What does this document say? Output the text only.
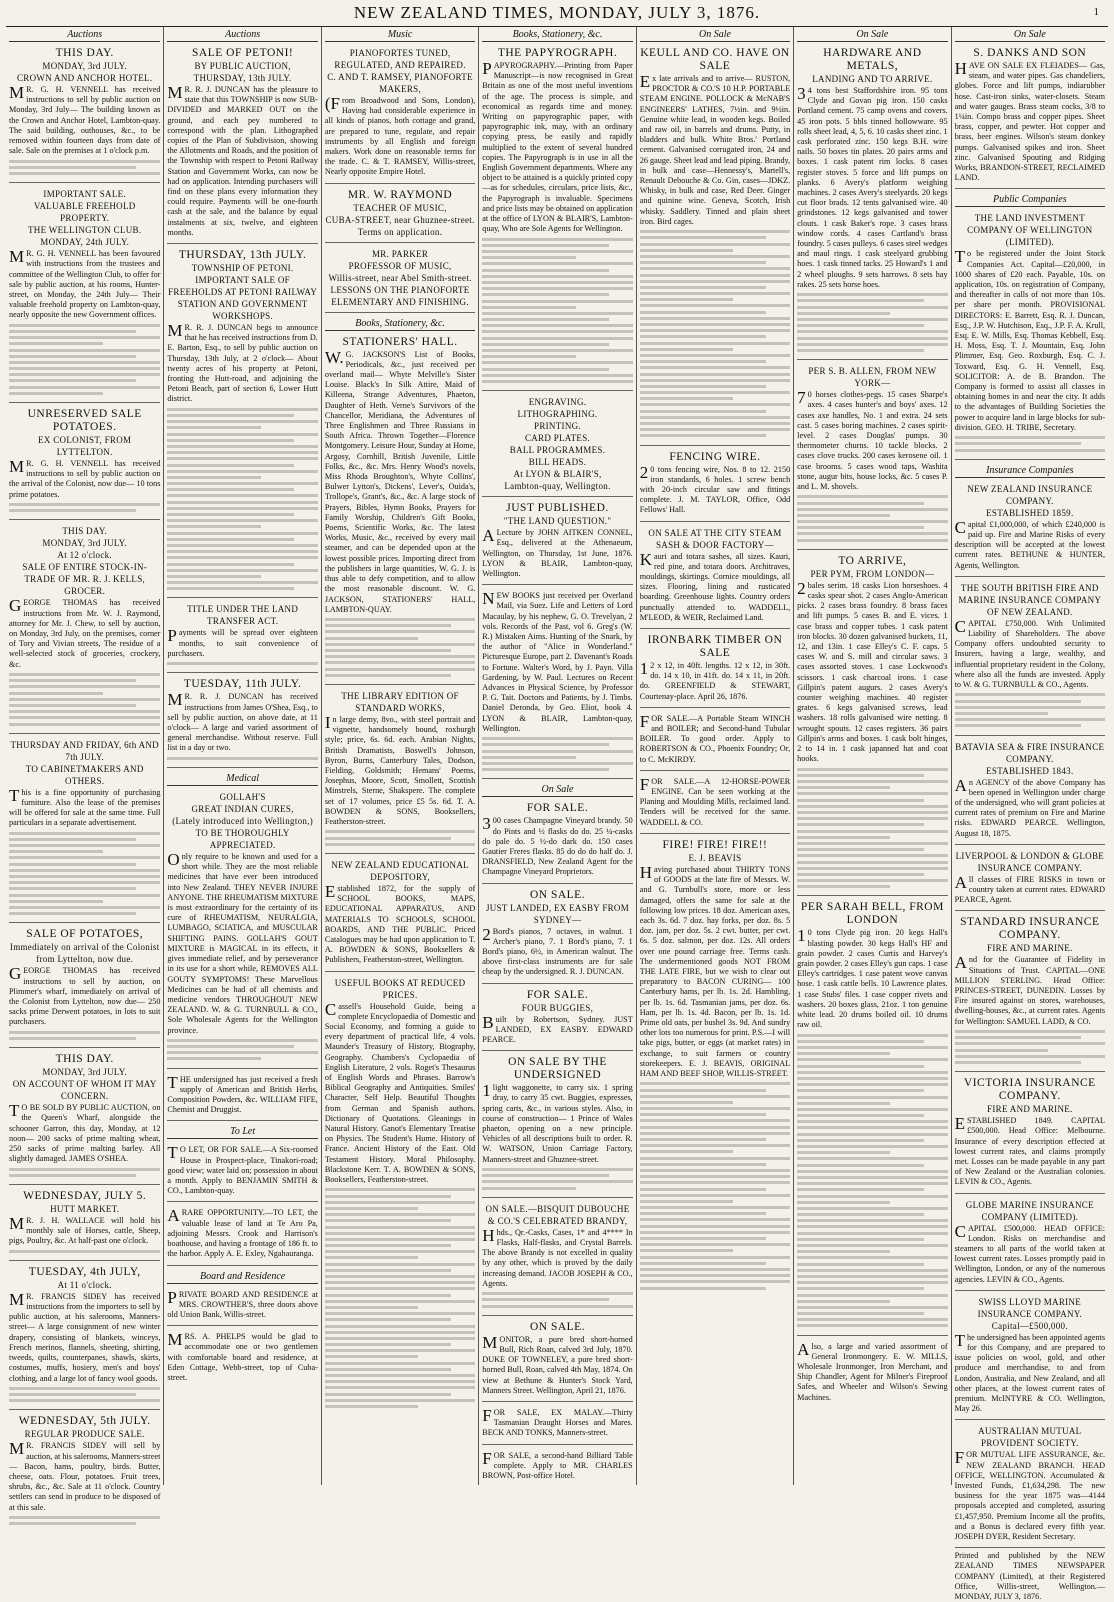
NEW ZEALAND TIMES, MONDAY, JULY 3, 1876.	1
Auctions
THIS DAY.
MONDAY, 3rd JULY.
CROWN AND ANCHOR HOTEL.

MR. G. H. VENNELL has received instructions to sell by public auction on Monday, 3rd July— The building known as the Crown and Anchor Hotel, Lambton-quay. The said building, outhouses, &c., to be removed within fourteen days from date of sale. Sale on the premises at 1 o'clock p.m.

IMPORTANT SALE.
VALUABLE FREEHOLD PROPERTY.
THE WELLINGTON CLUB.
MONDAY, 24th JULY.

MR. G. H. VENNELL has been favoured with instructions from the trustees and committee of the Wellington Club, to offer for sale by public auction, at his rooms, Hunter-street, on Monday, the 24th July— Their valuable freehold property on Lambton-quay, nearly opposite the new Government offices.

UNRESERVED SALE POTATOES.
EX COLONIST, FROM LYTTELTON.

MR. G. H. VENNELL has received instructions to sell by public auction on the arrival of the Colonist, now due— 10 tons prime potatoes.

THIS DAY.
MONDAY, 3rd JULY.
At 12 o'clock.
SALE OF ENTIRE STOCK-IN-TRADE OF MR. R. J. KELLS, GROCER.

GEORGE THOMAS has received instructions from Mr. W. J. Raymond, attorney for Mr. J. Chew, to sell by auction, on Monday, 3rd July, on the premises, corner of Tory and Vivian streets, The residue of a well-selected stock of groceries, crockery, &c.

THURSDAY AND FRIDAY, 6th AND 7th JULY.
TO CABINETMAKERS AND OTHERS.

This is a fine opportunity of purchasing furniture. Also the lease of the premises will be offered for sale at the same time. Full particulars in a separate advertisement.

SALE OF POTATOES,
Immediately on arrival of the Colonist from Lyttelton, now due.

GEORGE THOMAS has received instructions to sell by auction, on Plimmer's wharf, immediately on arrival of the Colonist from Lyttelton, now due— 250 sacks prime Derwent potatoes, in lots to suit purchasers.

THIS DAY.
MONDAY, 3rd JULY.
ON ACCOUNT OF WHOM IT MAY CONCERN.

TO BE SOLD BY PUBLIC AUCTION, on the Queen's Wharf, alongside the schooner Garron, this day, Monday, at 12 noon— 200 sacks of prime malting wheat, 250 sacks of prime malting barley. All slightly damaged. JAMES O'SHEA.

WEDNESDAY, JULY 5.
HUTT MARKET.

MR. J. H. WALLACE will hold his monthly sale of Horses, cattle, Sheep, pigs, Poultry, &c. At half-past one o'clock.

TUESDAY, 4th JULY,
At 11 o'clock.

MR. FRANCIS SIDEY has received instructions from the importers to sell by public auction, at his salerooms, Manners-street— A large consignment of new winter drapery, consisting of blankets, winceys, French merinos, flannels, sheeting, shirting, tweeds, quilts, counterpanes, shawls, skirts, costumes, muffs, hosiery, men's and boys' clothing, and a large lot of fancy wool goods.

WEDNESDAY, 5th JULY.
REGULAR PRODUCE SALE.

MR. FRANCIS SIDEY will sell by auction, at his salerooms, Manners-street— Bacon, hams, poultry, birds. Butter, cheese, oats. Flour, potatoes. Fruit trees, shrubs, &c., &c. Sale at 11 o'clock. Country settlers can send in produce to be disposed of at this sale.

Auctions
SALE OF PETONI!
BY PUBLIC AUCTION,
THURSDAY, 13th JULY.

MR. R. J. DUNCAN has the pleasure to state that this TOWNSHIP is now SUB-DIVIDED and MARKED OUT on the ground, and each pey numbered to correspond with the plan. Lithographed copies of the Plan of Subdivision, showing the Allotments and Roads, and the position of the Township with respect to Petoni Railway Station and Government Works, can now be had on application. Intending purchasers will find on these plans every information they could require. Payments will be one-fourth cash at the sale, and the balance by equal instalments at six, twelve, and eighteen months.

THURSDAY, 13th JULY.
TOWNSHIP OF PETONI.
IMPORTANT SALE OF FREEHOLDS AT PETONI RAILWAY STATION AND GOVERNMENT WORKSHOPS.

MR. R. J. DUNCAN begs to announce that he has received instructions from D. E. Barton, Esq., to sell by public auction on Thursday, 13th July, at 2 o'clock— About twenty acres of his property at Petoni, fronting the Hutt-road, and adjoining the Petoni Beach, part of section 6, Lower Hutt district.

TITLE UNDER THE LAND TRANSFER ACT.

Payments will be spread over eighteen months, to suit convenience of purchasers.

TUESDAY, 11th JULY.

MR. R. J. DUNCAN has received instructions from James O'Shea, Esq., to sell by public auction, on above date, at 11 o'clock— A large and varied assortment of general merchandise. Without reserve. Full list in a day or two.

Medical
GOLLAH'S
GREAT INDIAN CURES,
(Lately introduced into Wellington,)
TO BE THOROUGHLY APPRECIATED.

Only require to be known and used for a short while. They are the most reliable medicines that have ever been introduced into New Zealand. THEY NEVER INJURE ANYONE. THE RHEUMATISM MIXTURE is most extraordinary for the certainty of its cure of RHEUMATISM, NEURALGIA, LUMBAGO, SCIATICA, and MUSCULAR SHIFTING PAINS. GOLLAH'S GOUT MIXTURE is MAGICAL in its effects, it gives immediate relief, and by perseverance in its use for a short while, REMOVES ALL GOUTY SYMPTOMS! These Marvellous Medicines can be had of all chemists and medicine vendors THROUGHOUT NEW ZEALAND. W. & G. TURNBULL & CO., Sole Wholesale Agents for the Wellington province.

THE undersigned has just received a fresh supply of American and British Herbs, Composition Powders, &c. WILLIAM FIFE, Chemist and Druggist.

To Let

TO LET, OR FOR SALE.—A Six-roomed House in Prospect-place, Tinakori-road; good view; water laid on; possession in about a month. Apply to BENJAMIN SMITH & CO., Lambton-quay.

ARARE OPPORTUNITY.—TO LET, the valuable lease of land at Te Aro Pa, adjoining Messrs. Crook and Harrison's boathouse, and having a frontage of 186 ft. to the harbor. Apply A. E. Exley, Ngahauranga.

Board and Residence

PRIVATE BOARD AND RESIDENCE at MRS. CROWTHER'S, three doors above old Union Bank, Willis-street.

MRS. A. PHELPS would be glad to accommodate one or two gentlemen with comfortable board and residence, at Eden Cottage, Webb-street, top of Cuba-street.

Music
PIANOFORTES TUNED, REGULATED, AND REPAIRED.
C. AND T. RAMSEY, PIANOFORTE MAKERS,

(From Broadwood and Sons, London), Having had considerable experience in all kinds of pianos, both cottage and grand, are prepared to tune, regulate, and repair instruments by all English and foreign makers. Work done on reasonable terms for the trade. C. & T. RAMSEY, Willis-street, Nearly opposite Empire Hotel.

MR. W. RAYMOND
TEACHER OF MUSIC,
CUBA-STREET, near Ghuznee-street. Terms on application.
MR. PARKER
PROFESSOR OF MUSIC,
Willis-street, near Abel Smith-street.
LESSONS ON THE PIANOFORTE
ELEMENTARY AND FINISHING.
Books, Stationery, &c.
STATIONERS' HALL.

W.G. JACKSON'S List of Books, Periodicals, &c., just received per overland mail— Whyte Melville's Sister Louise. Black's In Silk Attire, Maid of Killeena, Strange Adventures, Phaeton, Daughter of Heth. Verne's Survivors of the Chancellor, Meridiana, the Adventures of Three Englishmen and Three Russians in South Africa. Thrown Together—Florence Montgomery. Leisure Hour, Sunday at Home, Argosy, Cornhill, British Juvenile, Little Folks, &c., &c. Mrs. Henry Wood's novels, Miss Rhoda Broughton's, Whyte Collins', Bulwer Lytton's, Dickens', Lever's, Ouida's, Trollope's, Grant's, &c., &c. A large stock of Prayers, Bibles, Hymn Books, Prayers for Family Worship, Children's Gift Books, Poems, Scientific Works, &c. The latest Works, Music, &c., received by every mail steamer, and can be depended upon at the lowest possible prices. Importing direct from the publishers in large quantities, W. G. J. is thus able to defy competition, and to allow the most reasonable discount. W. G. JACKSON, STATIONERS' HALL, LAMBTON-QUAY.

THE LIBRARY EDITION OF STANDARD WORKS,

In large demy, 8vo., with steel portrait and vignette, handsomely bound, roxburgh style; price, 6s. 6d. each. Arabian Nights, British Dramatists, Boswell's Johnson, Byron, Burns, Canterbury Tales, Dodson, Fielding, Goldsmith; Hemans' Poems, Josephus, Moore, Scott, Smollett, Scottish Minstrels, Sterne, Shakspere. The complete set of 17 volumes, price £5 5s. 6d. T. A. BOWDEN & SONS, Booksellers, Featherston-street.

NEW ZEALAND EDUCATIONAL DEPOSITORY,

Established 1872, for the supply of SCHOOL BOOKS, MAPS, EDUCATIONAL APPARATUS, AND MATERIALS TO SCHOOLS, SCHOOL BOARDS, AND THE PUBLIC. Priced Catalogues may be had upon application to T. A. BOWDEN & SONS, Booksellers & Publishers, Featherston-street, Wellington.

USEFUL BOOKS AT REDUCED PRICES.

Cassell's Household Guide, being a complete Encyclopaedia of Domestic and Social Economy, and forming a guide to every department of practical life, 4 vols. Maunder's Treasury of History, Biography, Geography. Chambers's Cyclopaedia of English Literature, 2 vols. Roget's Thesaurus of English Words and Phrases. Barrow's Biblical Geography and Antiquities. Smiles' Character, Self Help. Beautiful Thoughts from German and Spanish authors. Dictionary of Quotations. Gleanings in Natural History. Ganot's Elementary Treatise on Physics. The Student's Hume. History of France. Ancient History of the East. Old Testament History. Moral Philosophy. Blackstone Kerr. T. A. BOWDEN & SONS, Booksellers, Featherston-street.

Books, Stationery, &c.
THE PAPYROGRAPH.

PAPYROGRAPHY.—Printing from Paper Manuscript—is now recognised in Great Britain as one of the most useful inventions of the age. The process is simple, and economical as regards time and money. Writing on papyrographic paper, with papyrographic ink, may, with an ordinary copying press, be easily and rapidly multiplied to the extent of several hundred copies. The Papyrograph is in use in all the English Government departments. Where any object to be attained is a quickly printed copy—as for schedules, circulars, price lists, &c., the Papyrograph is invaluable. Specimens and price lists may be obtained on application at the office of LYON & BLAIR'S, Lambton-quay, Who are Sole Agents for Wellington.

ENGRAVING.
LITHOGRAPHING.
PRINTING.
CARD PLATES.
BALL PROGRAMMES.
BILL HEADS.
At LYON & BLAIR'S,
Lambton-quay, Wellington.
JUST PUBLISHED.
"THE LAND QUESTION."

ALecture by JOHN AITKEN CONNEL, Esq., delivered at the Athenaeum, Wellington, on Thursday, 1st June, 1876. LYON & BLAIR, Lambton-quay, Wellington.

NEW BOOKS just received per Overland Mail, via Suez. Life and Letters of Lord Macaulay, by his nephew, G. O. Trevelyan, 2 vols. Records of the Past, vol 6. Greg's (W. R.) Mistaken Aims. Hunting of the Snark, by the author of "Alice in Wonderland." Picturesque Europe, part 2. Davenant's Roads to Fortune. Walter's Word, by J. Payn. Villa Gardening, by W. Paul. Lectures on Recent Advances in Physical Science, by Professor P. G. Tait. Doctors and Patients, by J. Timbs. Daniel Deronda, by Geo. Eliot, book 4. LYON & BLAIR, Lambton-quay, Wellington.

On Sale
FOR SALE.

300 cases Champagne Vineyard brandy. 50 do Pints and ½ flasks do do. 25 ¼-casks do pale do. 5 ½-do dark do. 150 cases Gautier Freres flasks. 85 do do do half do. J. DRANSFIELD, New Zealand Agent for the Champagne Vineyard Proprietors.

ON SALE.
JUST LANDED, EX EASBY FROM SYDNEY—

2Bord's pianos, 7 octaves, in walnut. 1 Archer's piano, 7. 1 Bord's piano, 7. 1 Bord's piano, 6½, in American walnut. The above first-class instruments are for sale cheap by the undersigned. R. J. DUNCAN.

FOR SALE.
FOUR BUGGIES,

Built by Robertson, Sydney. JUST LANDED, EX EASBY. EDWARD PEARCE.

ON SALE BY THE UNDERSIGNED

1light waggonette, to carry six. 1 spring dray, to carry 35 cwt. Buggies, expresses, spring carts, &c., in various styles. Also, in course of construction— 1 Prince of Wales phaeton, opening on a new principle. Vehicles of all descriptions built to order. R. W. WATSON, Union Carriage Factory, Manners-street and Ghuznee-street.

ON SALE.—BISQUIT DUBOUCHE & CO.'S CELEBRATED BRANDY,

Hhds., Qr.-Casks, Cases, 1* and 4**** In Flasks, Half-flasks, and Crystal Barrels. The above Brandy is not excelled in quality by any other, which is proved by the daily increasing demand. JACOB JOSEPH & CO., Agents.

ON SALE.

MONITOR, a pure bred short-horned Bull, Rich Roan, calved 3rd July, 1870. DUKE OF TOWNELEY, a pure bred short-horned Bull, Roan, calved 4th May, 1874. On view at Bethune & Hunter's Stock Yard, Manners Street. Wellington, April 21, 1876.

FOR SALE, EX MALAY.—Thirty Tasmanian Draught Horses and Mares. BECK AND TONKS, Manners-street.

FOR SALE, a second-hand Billiard Table complete. Apply to MR. CHARLES BROWN, Post-office Hotel.

On Sale
KEULL AND CO. HAVE ON SALE

Ex late arrivals and to arrive— RUSTON, PROCTOR & CO.'S 10 H.P. PORTABLE STEAM ENGINE. POLLOCK & McNAB'S ENGINEERS' LATHES, 7½in. and 9½in. Genuine white lead, in wooden kegs. Boiled and raw oil, in barrels and drums. Putty, in bladders and bulk. White Bros.' Portland cement. Galvanised corrugated iron, 24 and 26 gauge. Sheet lead and lead piping. Brandy, in bulk and case—Hennessy's, Martell's, Renault Debouche & Co. Gin, cases—JDKZ. Whisky, in bulk and case, Red Deer. Ginger and quinine wine. Geneva, Scotch, Irish whisky. Saddlery. Tinned and plain sheet iron. Bird cages.

FENCING WIRE.

20 tons fencing wire, Nos. 8 to 12. 2150 iron standards, 6 holes. 1 screw bench with 20-inch circular saw and fittings complete. J. M. TAYLOR, Office, Odd Fellows' Hall.

ON SALE AT THE CITY STEAM SASH & DOOR FACTORY—

Kauri and totara sashes, all sizes. Kauri, red pine, and totara doors. Architraves, mouldings, skirtings. Cornice mouldings, all sizes. Flooring, lining and rusticated boarding. Greenhouse lights. Country orders punctually attended to. WADDELL, M'LEOD, & WEIR, Reclaimed Land.

IRONBARK TIMBER ON SALE

12 x 12, in 40ft. lengths. 12 x 12, in 30ft. do. 14 x 10, in 41ft. do. 14 x 11, in 20ft. do. GREENFIELD & STEWART, Courtenay-place. April 26, 1876.

FOR SALE.—A Portable Steam WINCH and BOILER; and Second-hand Tubular BOILER. To good order. Apply to ROBERTSON & CO., Phoenix Foundry; Or, to C. McKIRDY.

FOR SALE.—A 12-HORSE-POWER ENGINE. Can be seen working at the Planing and Moulding Mills, reclaimed land. Tenders will be received for the same. WADDELL & CO.

FIRE! FIRE! FIRE!!
E. J. BEAVIS

Having purchased about THIRTY TONS of GOODS at the late fire of Messrs. W. and G. Turnbull's store, more or less damaged, offers the same for sale at the following low prices. 18 doz. American axes, each 3s. 6d. 7 doz. hay forks, per doz. 8s. 5 doz. jam, per doz. 5s. 2 cwt. butter, per cwt. 6s. 5 doz. salmon, per doz. 12s. All orders over one pound carriage free. Terms cash. The undermentioned goods NOT FROM THE LATE FIRE, but we wish to clear out preparatory to BACON CURING— 100 Canterbury hams, per lb. 1s. 2d. Hambling, per lb. 1s. 6d. Tasmanian jams, per doz. 6s. Ham, per lb. 1s. 4d. Bacon, per lb. 1s. 1d. Prime old oats, per bushel 3s. 9d. And sundry other lots too numerous for print. P.S.—I will take pigs, butter, or eggs (at market rates) in exchange, to suit farmers or country storekeepers. E. J. BEAVIS, ORIGINAL HAM AND BEEF SHOP, WILLIS-STREET.

On Sale
HARDWARE AND METALS,
LANDING AND TO ARRIVE.

34 tons best Staffordshire iron. 95 tons Clyde and Govan pig iron. 150 casks Portland cement. 75 camp ovens and covers. 45 iron pots. 5 bbls tinned hollowware. 95 rolls sheet lead, 4, 5, 6. 10 casks sheet zinc. 1 cask perforated zinc. 150 kegs B.H. wire nails. 50 boxes tin plates. 20 pairs arms and boxes. 1 cask patent rim locks. 8 cases register stoves. 5 force and lift pumps on planks. 6 Avery's platform weighing machines. 2 cases Avery's steelyards. 20 kegs cut floor brads. 12 tents galvanised wire. 40 grindstones. 12 kegs galvanised and tower clouts. 1 cask Baker's rope. 3 cases brass window cords. 4 cases Cartland's brass foundry. 5 cases pulleys. 6 cases steel wedges and maul rings. 1 cask steelyard grubbing hoes. 1 cask tinned tacks. 25 Howard's 1 and 2 wheel ploughs. 9 sets harrows. 8 sets hay rakes. 25 sets horse hoes.

PER S. B. ALLEN, FROM NEW YORK—

70 horses clothes-pegs. 15 cases Sharpe's axes. 4 cases hunter's and boys' axes. 12 cases axe handles, No. 1 and extra. 24 sets cast. 5 cases boring machines. 2 cases spirit-level. 2 cases Douglas' pumps. 30 thermometer churns. 10 tackle blocks. 2 cases clove trucks. 200 cases kerosene oil. 1 case brooms. 5 cases wood taps, Washita stone, augur bits, house locks, &c. 5 cases P. and L. M. shovels.

TO ARRIVE,
PER PYM, FROM LONDON—

2bales serim. 18 casks Lion horseshoes. 4 casks spear shot. 2 cases Anglo-American picks. 2 cases brass foundry. 8 brass faces and lift pumps. 5 cases B. and E. vices. 1 case brass and copper tubes. 1 cask patent iron blocks. 30 dozen galvanised buckets, 11, 12, and 13in. 1 case Elley's C. F. caps. 5 cases W. and S. mill and circular saws. 3 cases assorted stoves. 1 case Lockwood's scissors. 1 cask charcoal irons. 1 case Gillpin's patent augurs. 2 cases Avery's counter weighing machines. 40 register grates. 6 kegs galvanised screws, lead washers. 18 rolls galvanised wire netting. 8 wrought spouts. 12 cases registers. 36 pairs Gillpin's arms and boxes. 1 cask bolt hinges, 2 to 14 in. 1 cask japanned hat and coat hooks.

PER SARAH BELL, FROM LONDON

10 tons Clyde pig iron. 20 kegs Hall's blasting powder. 30 kegs Hall's HF and grain powder. 2 cases Curtis and Harvey's grain powder. 2 cases Elley's gun caps. 1 case Elley's cartridges. 1 case patent wove canvas hose. 1 cask cattle bells. 10 Lawrence plates. 1 case Stubs' files. 1 case copper rivets and washers. 20 boxes glass, 21oz. 1 ton genuine white lead. 20 drums boiled oil. 10 drums raw oil.

Also, a large and varied assortment of General Ironmongery. E. W. MILLS, Wholesale Ironmonger, Iron Merchant, and Ship Chandler, Agent for Milner's Fireproof Safes, and Wheeler and Wilson's Sewing Machines.

On Sale
S. DANKS AND SON

HAVE ON SALE EX FLEIADES— Gas, steam, and water pipes. Gas chandeliers, globes. Force and lift pumps, indiarubber hose. Cast-iron sinks, water-closets. Steam and water gauges. Brass steam cocks, 3/8 to 1¼in. Compo brass and copper pipes. Sheet brass, copper, and pewter. Hot copper and brass, beer engines. Wilson's steam donkey pumps. Galvanised spikes and iron. Sheet zinc. Galvanised Spouting and Ridging Works, BRANDON-STREET, RECLAIMED LAND.

Public Companies
THE LAND INVESTMENT COMPANY OF WELLINGTON (LIMITED).

To be registered under the Joint Stock Companies Act. Capital—£20,000, in 1000 shares of £20 each. Payable, 10s. on application, 10s. on registration of Company, and thereafter in calls of not more than 10s. per share per month. PROVISIONAL DIRECTORS: E. Barrett, Esq. R. J. Duncan, Esq., J.P. W. Hutchison, Esq., J.P. F. A. Krull, Esq. E. W. Mills, Esq. Thomas Kebbell, Esq. H. Moss, Esq. T. J. Mountain, Esq. John Plimmer, Esq. Geo. Roxburgh, Esq. C. J. Toxward, Esq. G. H. Vennell, Esq. SOLICITOR: A. de B. Brandon. The Company is formed to assist all classes in obtaining homes in and near the city. It adds to the advantages of Building Societies the power to acquire land in large blocks for sub-division. GEO. H. TRIBE, Secretary.

Insurance Companies
NEW ZEALAND INSURANCE COMPANY.
ESTABLISHED 1859.

Capital £1,000,000, of which £240,000 is paid up. Fire and Marine Risks of every description will be accepted at the lowest current rates. BETHUNE & HUNTER, Agents, Wellington.

THE SOUTH BRITISH FIRE AND MARINE INSURANCE COMPANY OF NEW ZEALAND.

CAPITAL £750,000. With Unlimited Liability of Shareholders. The above Company offers undoubted security to Insurers, having a large, wealthy, and influential proprietary resident in the Colony, where also all the funds are invested. Apply to W. & G. TURNBULL & CO., Agents.

BATAVIA SEA & FIRE INSURANCE COMPANY.
ESTABLISHED 1843.

An AGENCY of the above Company has been opened in Wellington under charge of the undersigned, who will grant policies at current rates of premium on Fire and Marine risks. EDWARD PEARCE. Wellington, August 18, 1875.

LIVERPOOL & LONDON & GLOBE INSURANCE COMPANY.

All classes of FIRE RISKS in town or country taken at current rates. EDWARD PEARCE, Agent.

STANDARD INSURANCE COMPANY.
FIRE AND MARINE.

And for the Guarantee of Fidelity in Situations of Trust. CAPITAL—ONE MILLION STERLING. Head Office: PRINCES-STREET, DUNEDIN. Losses by Fire insured against on stores, warehouses, dwelling-houses, &c., at current rates. Agents for Wellington: SAMUEL LADD, & CO.

VICTORIA INSURANCE COMPANY.
FIRE AND MARINE.

ESTABLISHED 1849. CAPITAL £500,000. Head Office: Melbourne. Insurance of every description effected at lowest current rates, and claims promptly met. Losses can be made payable in any part of New Zealand or the Australian colonies. LEVIN & CO., Agents.

GLOBE MARINE INSURANCE COMPANY (LIMITED).

CAPITAL £500,000. HEAD OFFICE: London. Risks on merchandise and steamers to all parts of the world taken at lowest current rates. Losses promptly paid in Wellington, London, or any of the numerous agencies. LEVIN & CO., Agents.

SWISS LLOYD MARINE INSURANCE COMPANY.
Capital—£500,000.

The undersigned has been appointed agents for this Company, and are prepared to issue policies on wool, gold, and other produce and merchandise, to and from London, Australia, and New Zealand, and all other places, at the lowest current rates of premium. McINTYRE & CO. Wellington, May 26.

AUSTRALIAN MUTUAL PROVIDENT SOCIETY.

FOR MUTUAL LIFE ASSURANCE, &c. NEW ZEALAND BRANCH. HEAD OFFICE, WELLINGTON. Accumulated & Invested Funds, £1,634,298. The new business for the year 1875 was—4144 proposals accepted and completed, assuring £1,457,950. Premium Income all the profits, and a Bonus is declared every fifth year. JOSEPH DYER, Resident Secretary.

Printed and published by the NEW ZEALAND TIMES NEWSPAPER COMPANY (Limited), at their Registered Office, Willis-street, Wellington.—MONDAY, JULY 3, 1876.
